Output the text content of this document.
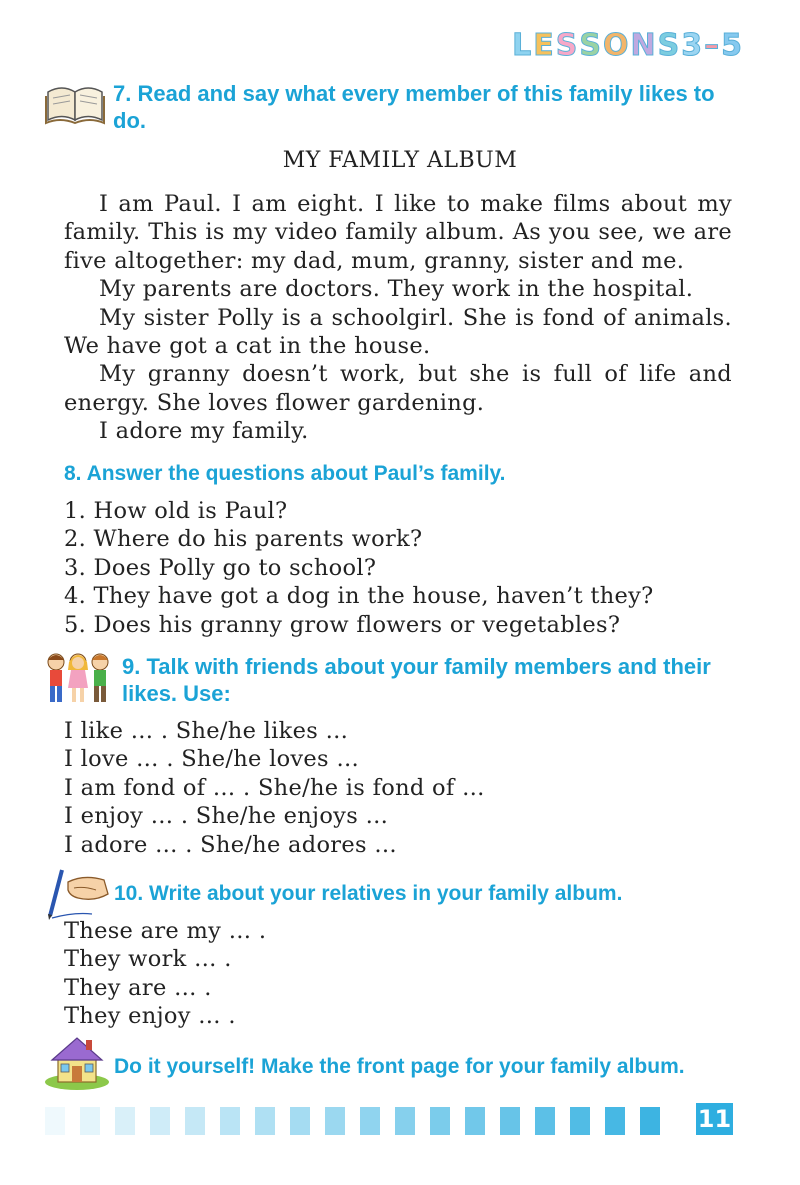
LESSONS3–5
7. Read and say what every member of this family likes to do.
MY FAMILY ALBUM

I am Paul. I am eight. I like to make films about my family. This is my video family album. As you see, we are five altogether: my dad, mum, granny, sister and me.

My parents are doctors. They work in the hospital.

My sister Polly is a schoolgirl. She is fond of animals. We have got a cat in the house.

My granny doesn’t work, but she is full of life and energy. She loves flower gardening.

I adore my family.

8. Answer the questions about Paul’s family.

1. How old is Paul?

2. Where do his parents work?

3. Does Polly go to school?

4. They have got a dog in the house, haven’t they?

5. Does his granny grow flowers or vegetables?

9. Talk with friends about your family members and their likes. Use:

I like … . She/he likes …

I love … . She/he loves …

I am fond of … . She/he is fond of …

I enjoy … . She/he enjoys …

I adore … . She/he adores …

10. Write about your relatives in your family album.

These are my … .

They work … .

They are … .

They enjoy … .

Do it yourself! Make the front page for your family album.
11
